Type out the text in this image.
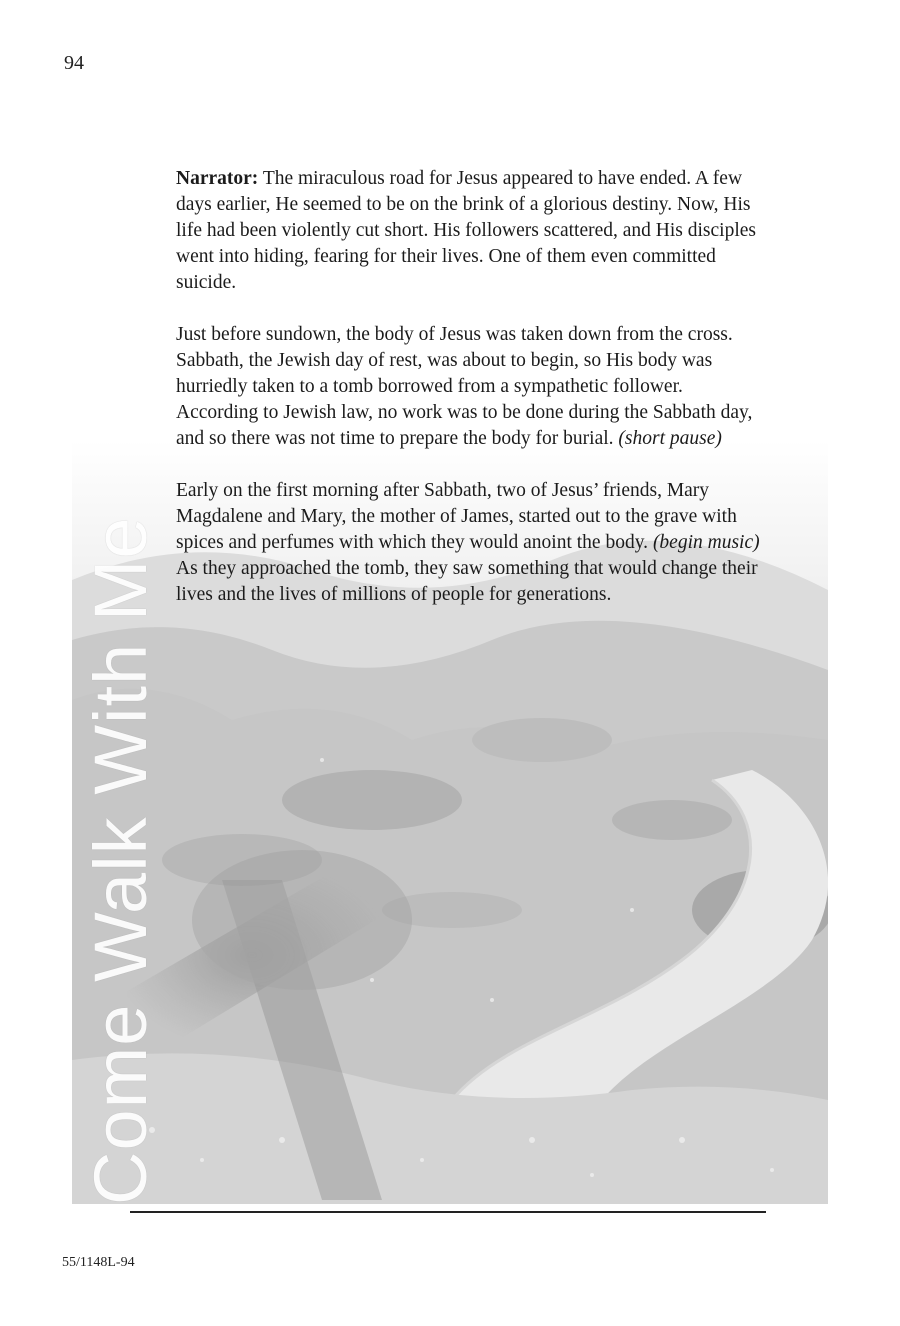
94
Come Walk With Me

Narrator: The miraculous road for Jesus appeared to have ended. A few days earlier, He seemed to be on the brink of a glorious destiny. Now, His life had been violently cut short. His followers scattered, and His disciples went into hiding, fearing for their lives. One of them even committed suicide.

Just before sundown, the body of Jesus was taken down from the cross. Sabbath, the Jewish day of rest, was about to begin, so His body was hurriedly taken to a tomb borrowed from a sympathetic follower. According to Jewish law, no work was to be done during the Sabbath day, and so there was not time to prepare the body for burial. (short pause)

Early on the first morning after Sabbath, two of Jesus’ friends, Mary Magdalene and Mary, the mother of James, started out to the grave with spices and perfumes with which they would anoint the body. (begin music) As they approached the tomb, they saw something that would change their lives and the lives of millions of people for generations.

55/1148L-94
